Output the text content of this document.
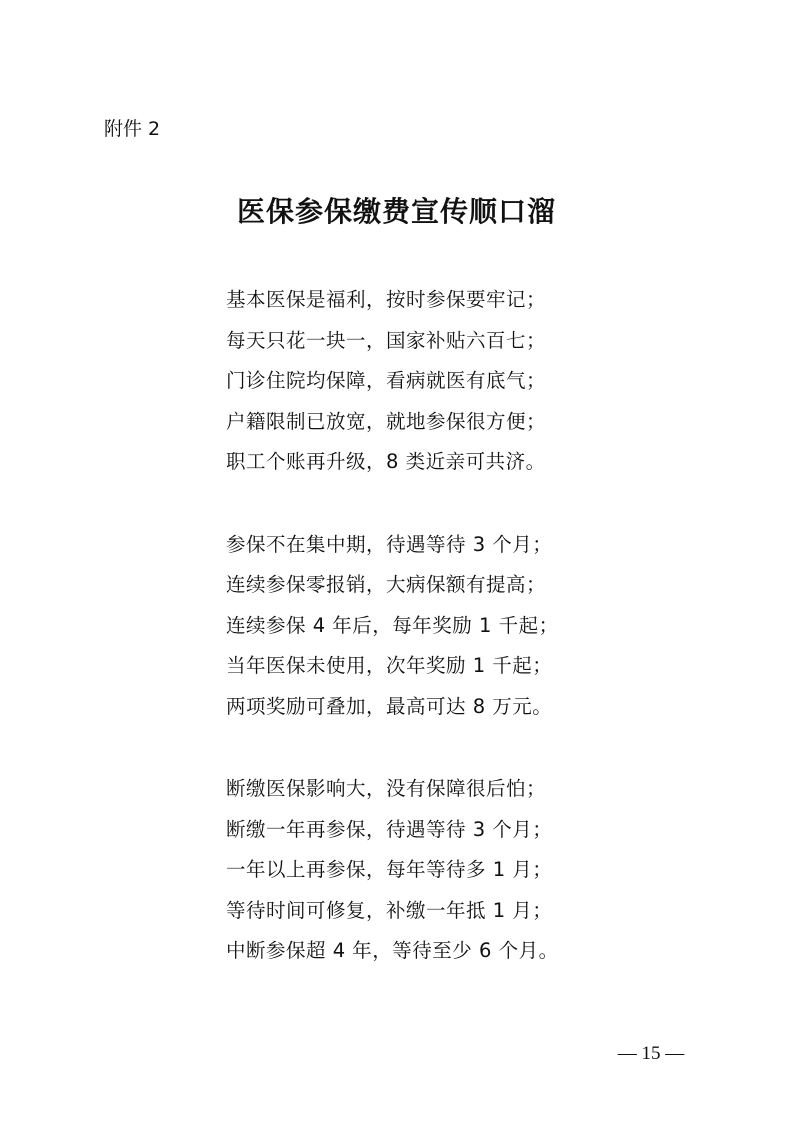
附件 2
医保参保缴费宣传顺口溜
基本医保是福利，按时参保要牢记；
每天只花一块一，国家补贴六百七；
门诊住院均保障，看病就医有底气；
户籍限制已放宽，就地参保很方便；
职工个账再升级，8 类近亲可共济。
参保不在集中期，待遇等待 3 个月；
连续参保零报销，大病保额有提高；
连续参保 4 年后，每年奖励 1 千起；
当年医保未使用，次年奖励 1 千起；
两项奖励可叠加，最高可达 8 万元。
断缴医保影响大，没有保障很后怕；
断缴一年再参保，待遇等待 3 个月；
一年以上再参保，每年等待多 1 月；
等待时间可修复，补缴一年抵 1 月；
中断参保超 4 年，等待至少 6 个月。
— 15 —
